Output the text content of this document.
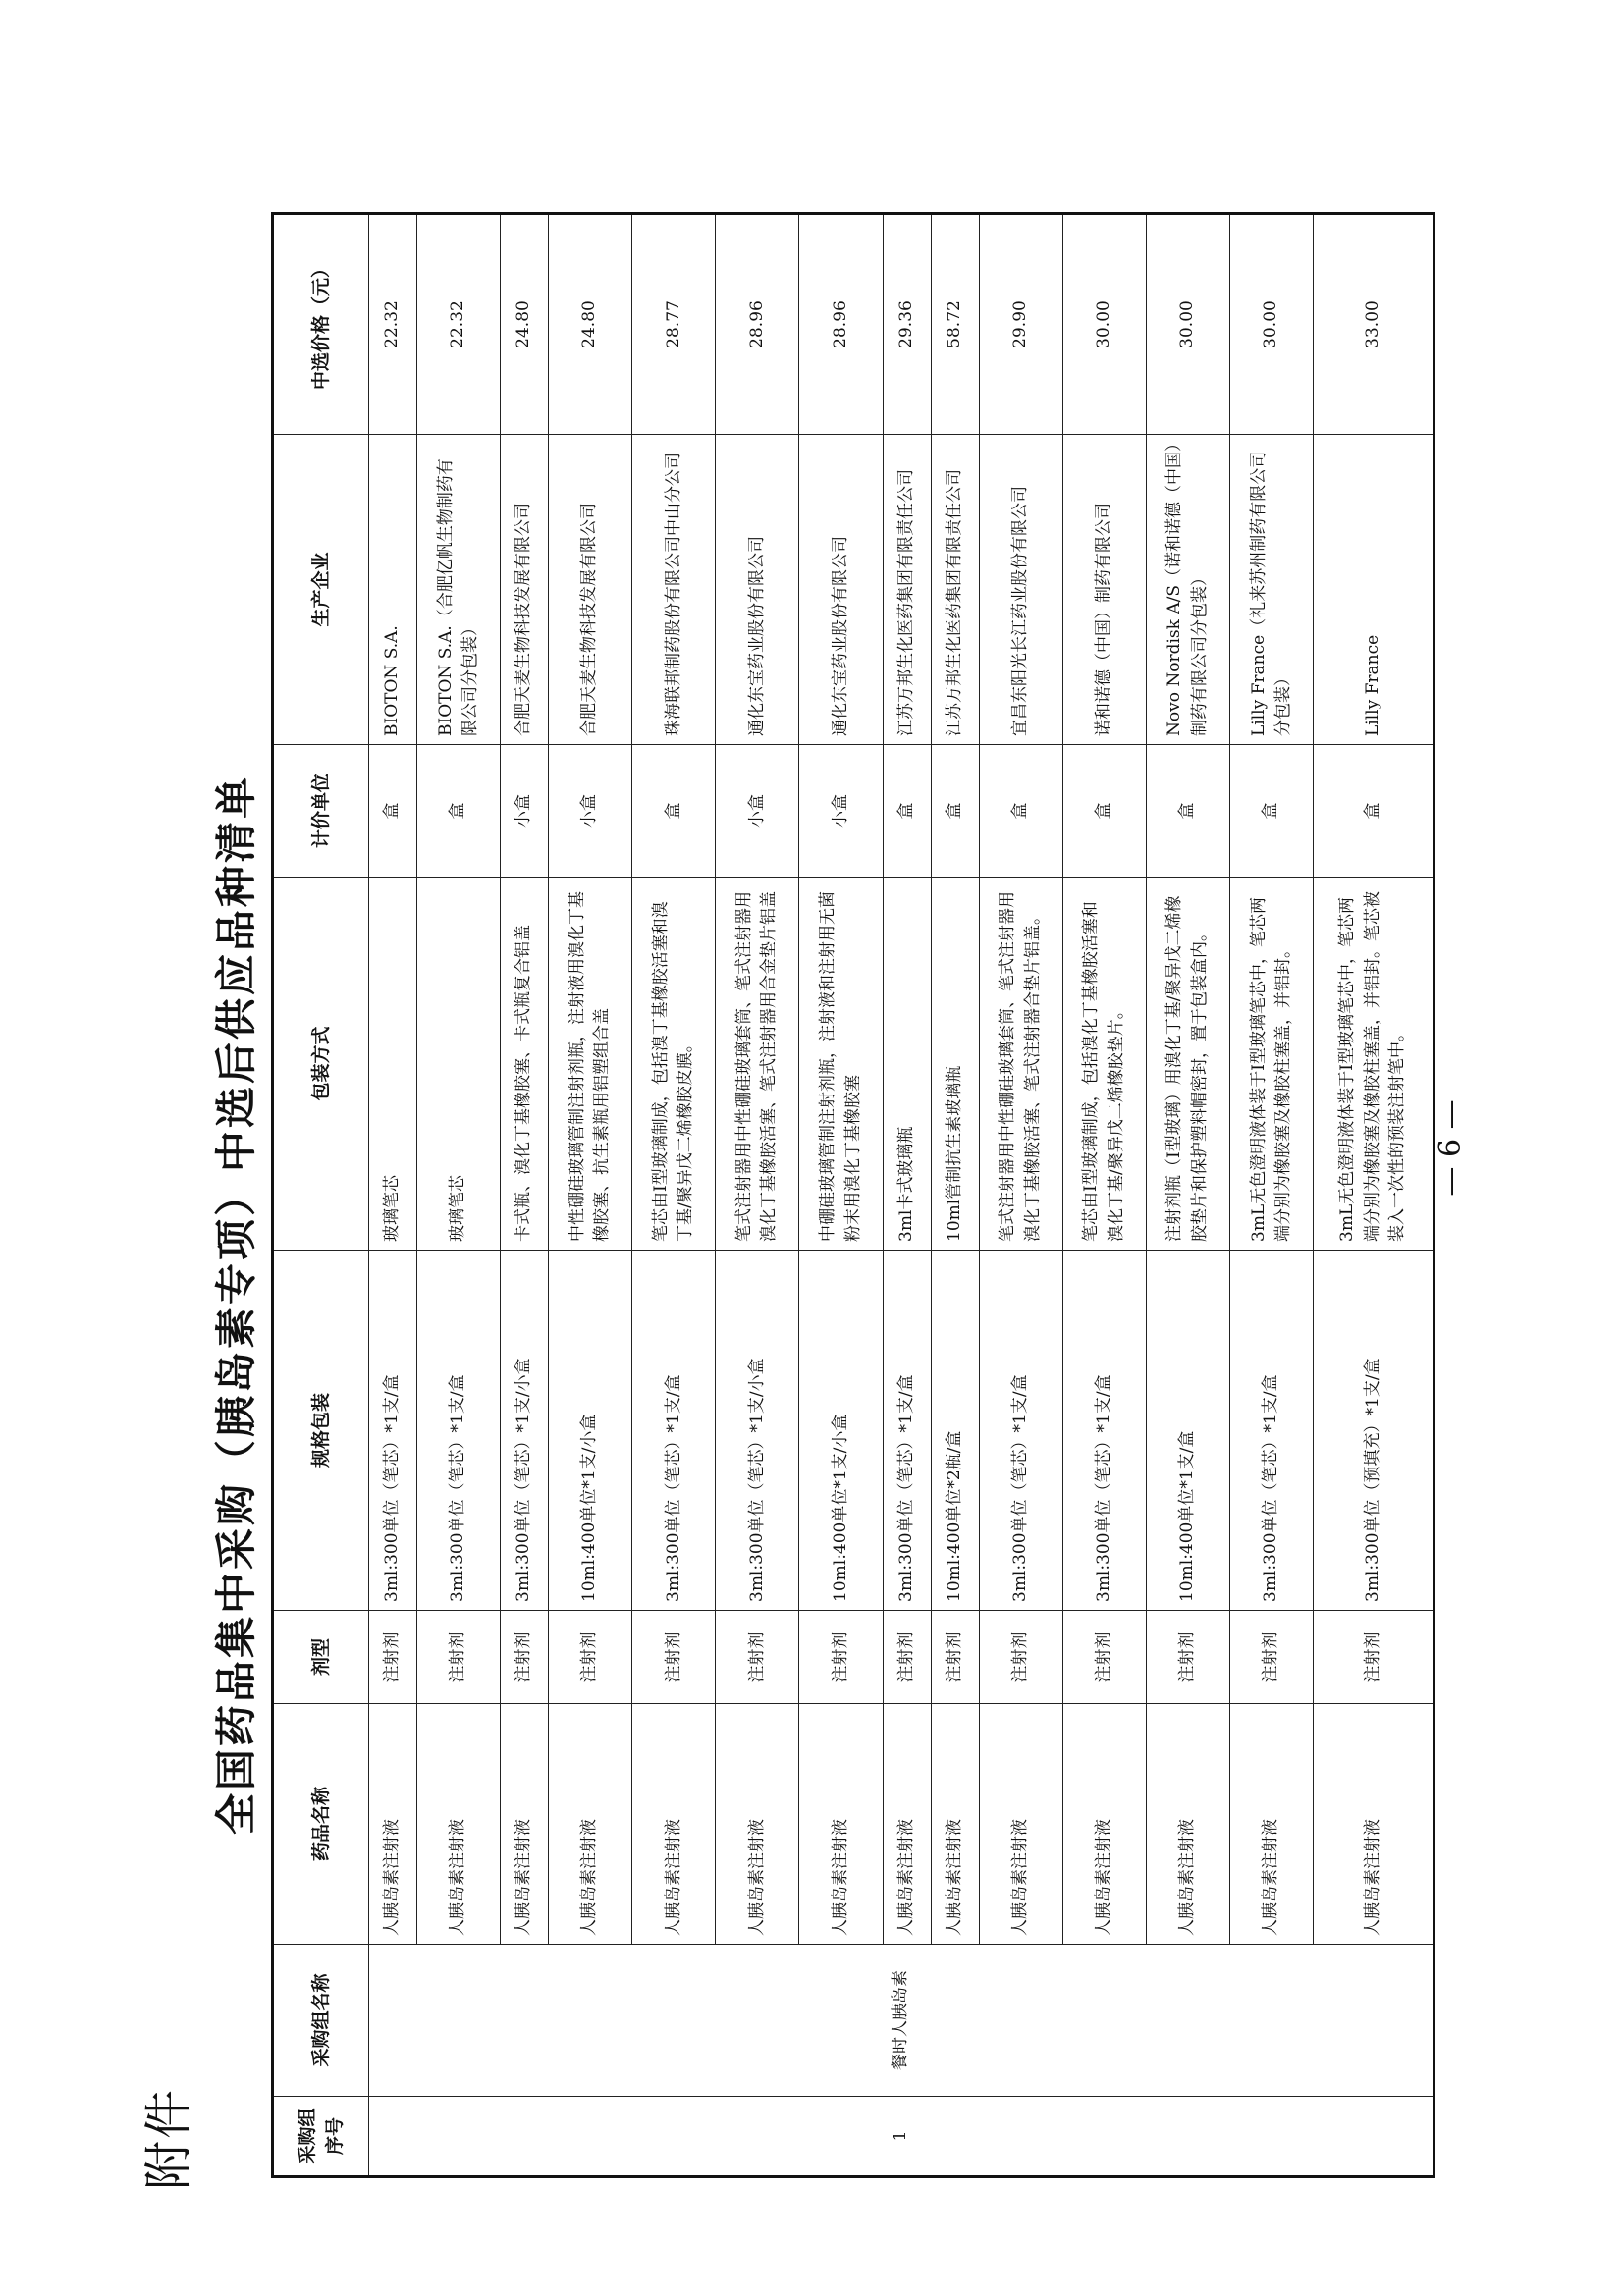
附件
全国药品集中采购（胰岛素专项）中选后供应品种清单
采购组序号	采购组名称	药品名称	剂型	规格包装	包装方式	计价单位	生产企业	中选价格（元）
1	餐时人胰岛素	人胰岛素注射液	注射剂	3ml:300单位（笔芯）*1支/盒	玻璃笔芯	盒	BIOTON S.A.	22.32
		人胰岛素注射液	注射剂	3ml:300单位（笔芯）*1支/盒	玻璃笔芯	盒	BIOTON S.A.（合肥亿帆生物制药有限公司分包装）	22.32
		人胰岛素注射液	注射剂	3ml:300单位（笔芯）*1支/小盒	卡式瓶、溴化丁基橡胶塞、卡式瓶复合铝盖	小盒	合肥天麦生物科技发展有限公司	24.80
		人胰岛素注射液	注射剂	10ml:400单位*1支/小盒	中性硼硅玻璃管制注射剂瓶，注射液用溴化丁基橡胶塞、抗生素瓶用铝塑组合盖	小盒	合肥天麦生物科技发展有限公司	24.80
		人胰岛素注射液	注射剂	3ml:300单位（笔芯）*1支/盒	笔芯由I型玻璃制成，包括溴丁基橡胶活塞和溴丁基/聚异戊二烯橡胶皮膜。	盒	珠海联邦制药股份有限公司中山分公司	28.77
		人胰岛素注射液	注射剂	3ml:300单位（笔芯）*1支/小盒	笔式注射器用中性硼硅玻璃套筒、笔式注射器用溴化丁基橡胶活塞、笔式注射器用合金垫片铝盖	小盒	通化东宝药业股份有限公司	28.96
		人胰岛素注射液	注射剂	10ml:400单位*1支/小盒	中硼硅玻璃管制注射剂瓶，注射液和注射用无菌粉末用溴化丁基橡胶塞	小盒	通化东宝药业股份有限公司	28.96
		人胰岛素注射液	注射剂	3ml:300单位（笔芯）*1支/盒	3ml卡式玻璃瓶	盒	江苏万邦生化医药集团有限责任公司	29.36
		人胰岛素注射液	注射剂	10ml:400单位*2瓶/盒	10ml管制抗生素玻璃瓶	盒	江苏万邦生化医药集团有限责任公司	58.72
		人胰岛素注射液	注射剂	3ml:300单位（笔芯）*1支/盒	笔式注射器用中性硼硅玻璃套筒、笔式注射器用溴化丁基橡胶活塞、笔式注射器合垫片铝盖。	盒	宜昌东阳光长江药业股份有限公司	29.90
		人胰岛素注射液	注射剂	3ml:300单位（笔芯）*1支/盒	笔芯由I型玻璃制成，包括溴化丁基橡胶活塞和溴化丁基/聚异戊二烯橡胶垫片。	盒	诺和诺德（中国）制药有限公司	30.00
		人胰岛素注射液	注射剂	10ml:400单位*1支/盒	注射剂瓶（I型玻璃）用溴化丁基/聚异戊二烯橡胶垫片和保护塑料帽密封，置于包装盒内。	盒	Novo Nordisk A/S（诺和诺德（中国）制药有限公司分包装）	30.00
		人胰岛素注射液	注射剂	3ml:300单位（笔芯）*1支/盒	3mL无色澄明液体装于I型玻璃笔芯中，笔芯两端分别为橡胶塞及橡胶柱塞盖，并铝封。	盒	Lilly France（礼来苏州制药有限公司分包装）	30.00
		人胰岛素注射液	注射剂	3ml:300单位（预填充）*1支/盒	3mL无色澄明液体装于I型玻璃笔芯中，笔芯两端分别为橡胶塞及橡胶柱塞盖，并铝封。笔芯被装入一次性的预装注射笔中。	盒	Lilly France	33.00
— 6 —
